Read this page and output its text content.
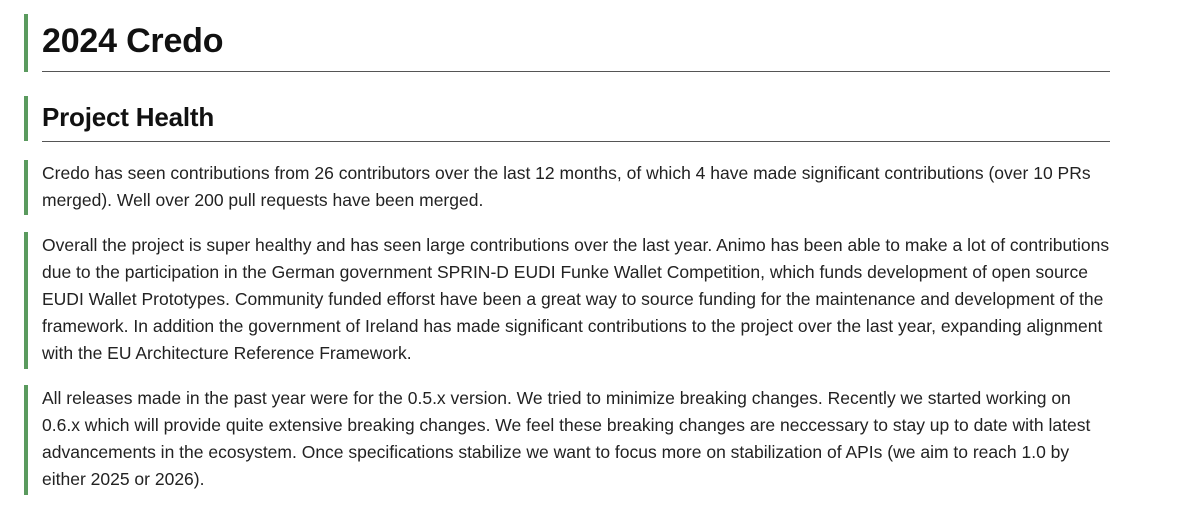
2024 Credo
Project Health

Credo has seen contributions from 26 contributors over the last 12 months, of which 4 have made significant contributions (over 10 PRs merged). Well over 200 pull requests have been merged.

Overall the project is super healthy and has seen large contributions over the last year. Animo has been able to make a lot of contributions due to the participation in the German government SPRIN-D EUDI Funke Wallet Competition, which funds development of open source EUDI Wallet Prototypes. Community funded efforst have been a great way to source funding for the maintenance and development of the framework. In addition the government of Ireland has made significant contributions to the project over the last year, expanding alignment with the EU Architecture Reference Framework.

All releases made in the past year were for the 0.5.x version. We tried to minimize breaking changes. Recently we started working on 0.6.x which will provide quite extensive breaking changes. We feel these breaking changes are neccessary to stay up to date with latest advancements in the ecosystem. Once specifications stabilize we want to focus more on stabilization of APIs (we aim to reach 1.0 by either 2025 or 2026).
